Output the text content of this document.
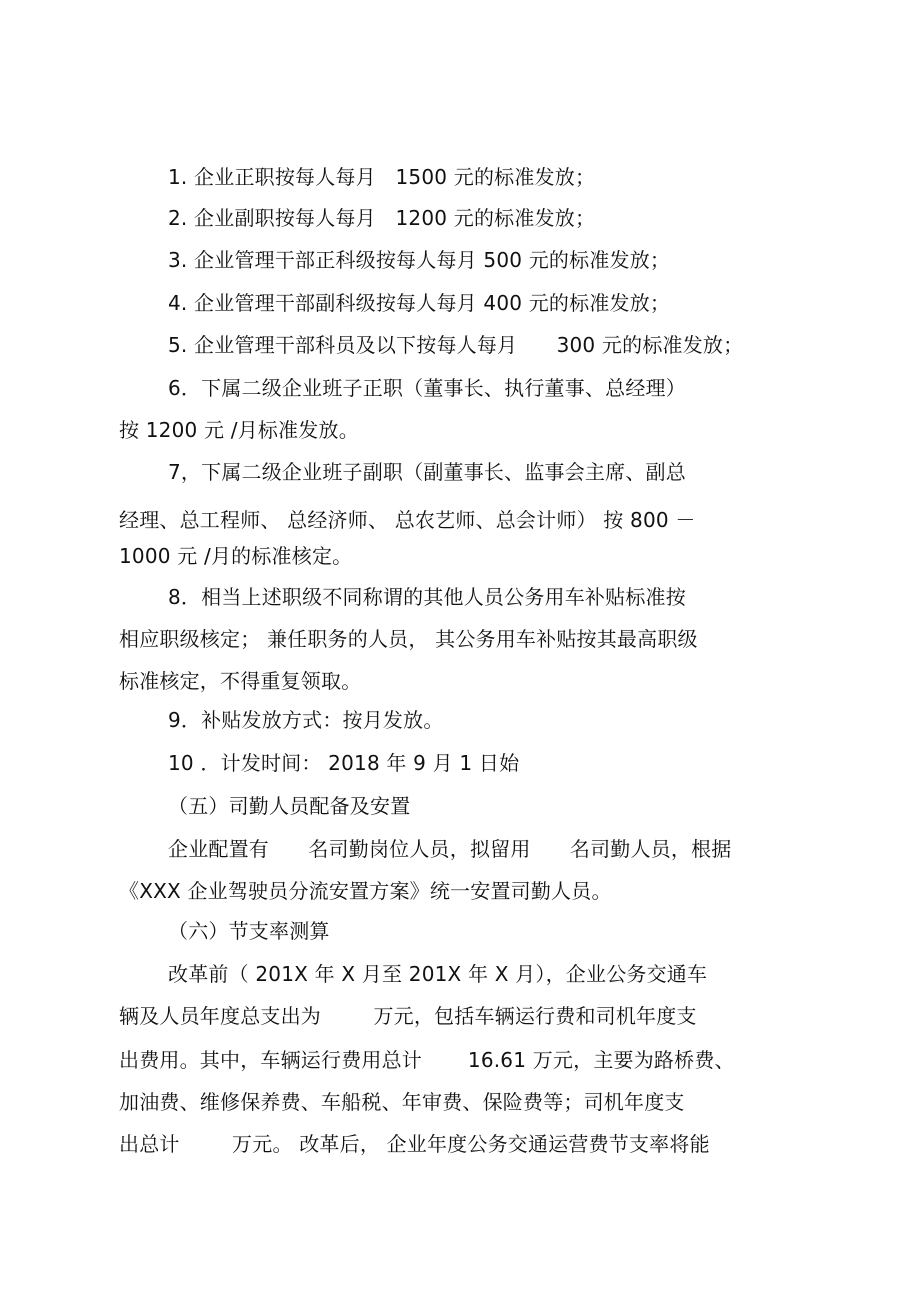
1. 企业正职按每人每月   1500 元的标准发放；
2. 企业副职按每人每月   1200 元的标准发放；
3. 企业管理干部正科级按每人每月 500 元的标准发放；
4. 企业管理干部副科级按每人每月 400 元的标准发放；
5. 企业管理干部科员及以下按每人每月      300 元的标准发放；
6．下属二级企业班子正职（董事长、执行董事、总经理）
按 1200 元 /月标准发放。
7，下属二级企业班子副职（副董事长、监事会主席、副总
经理、总工程师、 总经济师、 总农艺师、总会计师） 按 800 －
1000 元 /月的标准核定。
8．相当上述职级不同称谓的其他人员公务用车补贴标准按
相应职级核定； 兼任职务的人员， 其公务用车补贴按其最高职级
标准核定，不得重复领取。
9．补贴发放方式：按月发放。
10 ．计发时间： 2018 年 9 月 1 日始
（五）司勤人员配备及安置
企业配置有      名司勤岗位人员，拟留用      名司勤人员，根据
《XXX 企业驾驶员分流安置方案》统一安置司勤人员。
（六）节支率测算
改革前（ 201X 年 X 月至 201X 年 X 月），企业公务交通车
辆及人员年度总支出为        万元，包括车辆运行费和司机年度支
出费用。其中，车辆运行费用总计       16.61 万元，主要为路桥费、
加油费、维修保养费、车船税、年审费、保险费等；司机年度支
出总计        万元。 改革后， 企业年度公务交通运营费节支率将能
